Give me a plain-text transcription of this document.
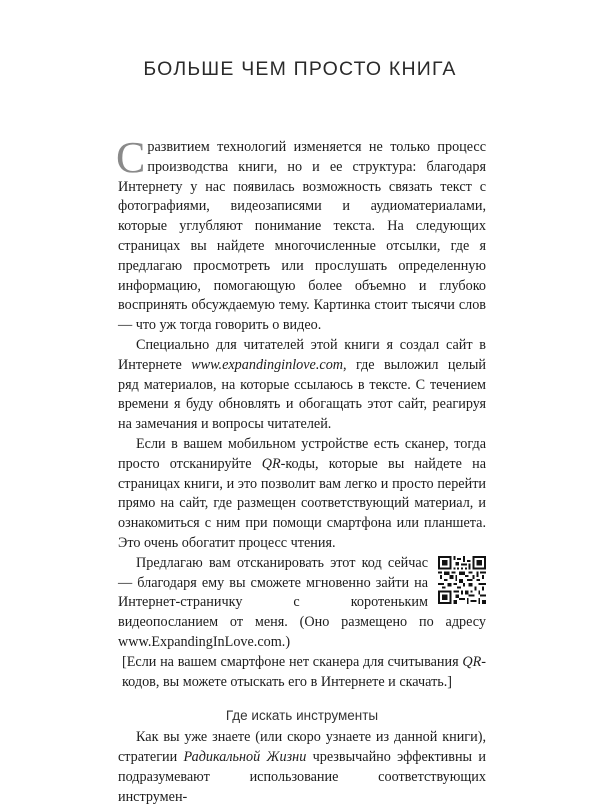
БОЛЬШЕ ЧЕМ ПРОСТО КНИГА

С развитием технологий изменяется не только процесс производства книги, но и ее структура: благодаря Интернету у нас появилась возможность связать текст с фотографиями, видеозаписями и аудиоматериалами, которые углубляют понимание текста. На следующих страницах вы найдете многочисленные отсылки, где я предлагаю просмотреть или прослушать определенную информацию, помогающую более объемно и глубоко воспринять обсуждаемую тему. Картинка стоит тысячи слов — что уж тогда говорить о видео.

Специально для читателей этой книги я создал сайт в Интернете www.expandinginlove.com, где выложил целый ряд материалов, на которые ссылаюсь в тексте. С течением времени я буду обновлять и обогащать этот сайт, реагируя на замечания и вопросы читателей.

Если в вашем мобильном устройстве есть сканер, тогда просто отсканируйте QR-коды, которые вы найдете на страницах книги, и это позволит вам легко и просто перейти прямо на сайт, где размещен соответствующий материал, и ознакомиться с ним при помощи смартфона или планшета. Это очень обогатит процесс чтения.

Предлагаю вам отсканировать этот код сейчас — благодаря ему вы сможете мгновенно зайти на Интернет-страничку с коротеньким видеопосланием от меня. (Оно размещено по адресу www.ExpandingInLove.com.)

[Если на вашем смартфоне нет сканера для считывания QR-кодов, вы можете отыскать его в Интернете и скачать.]

Где искать инструменты

Как вы уже знаете (или скоро узнаете из данной книги), стратегии Радикальной Жизни чрезвычайно эффективны и подразумевают использование соответствующих инструмен-
